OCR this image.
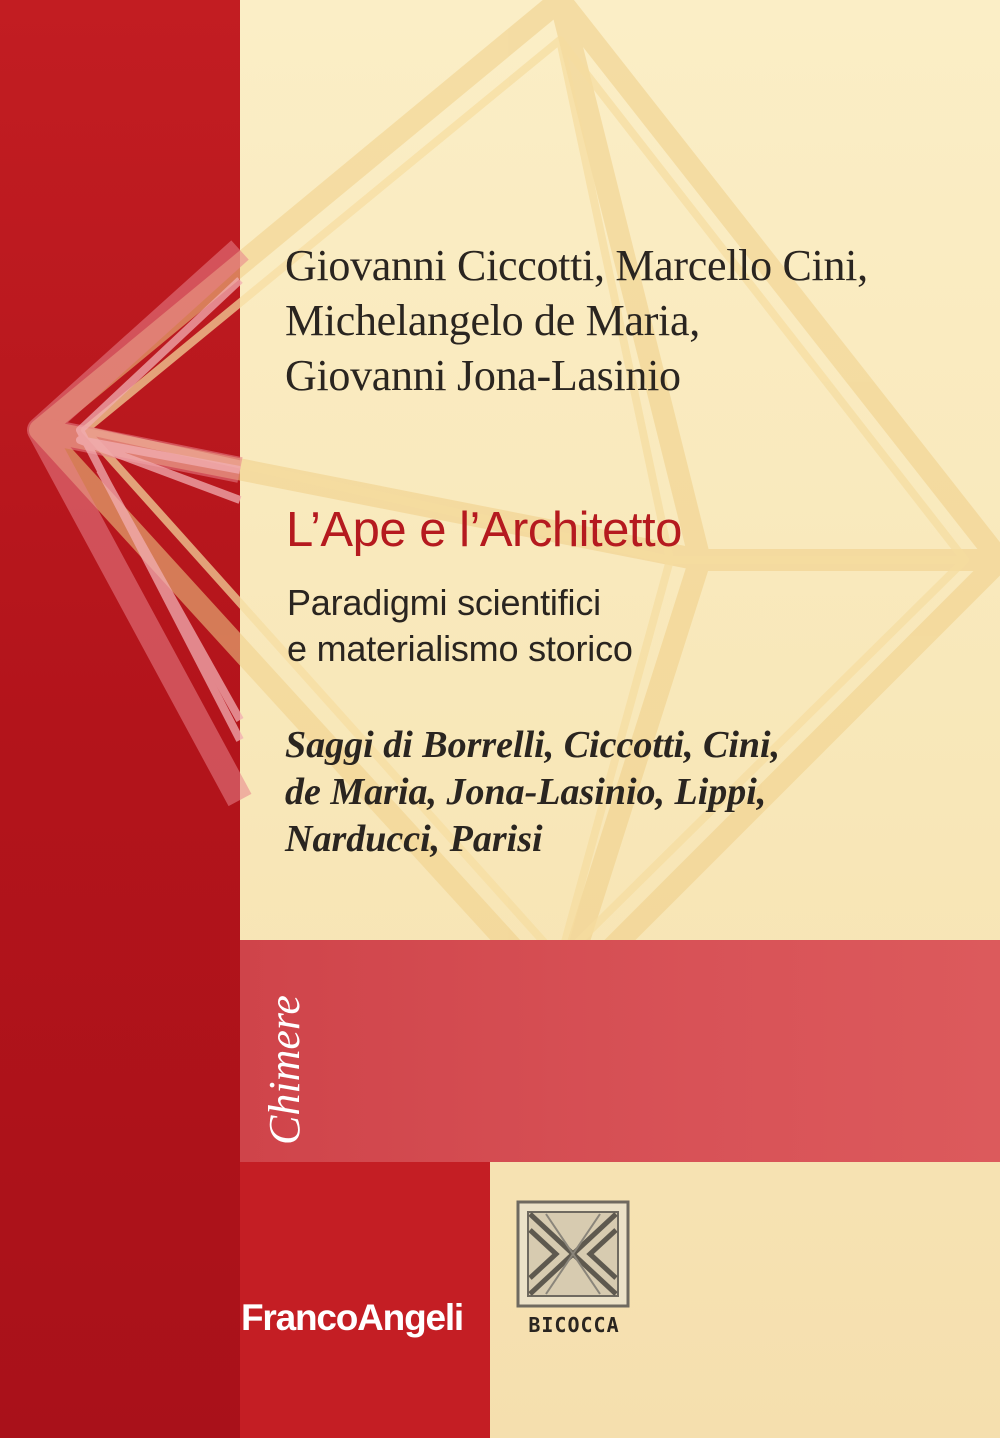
Giovanni Ciccotti, Marcello Cini,
Michelangelo de Maria,
Giovanni Jona-Lasinio
L’Ape e l’Architetto
Paradigmi scientifici
e materialismo storico
Saggi di Borrelli, Ciccotti, Cini,
de Maria, Jona-Lasinio, Lippi,
Narducci, Parisi
Chimere
FrancoAngeli	BICOCCA
